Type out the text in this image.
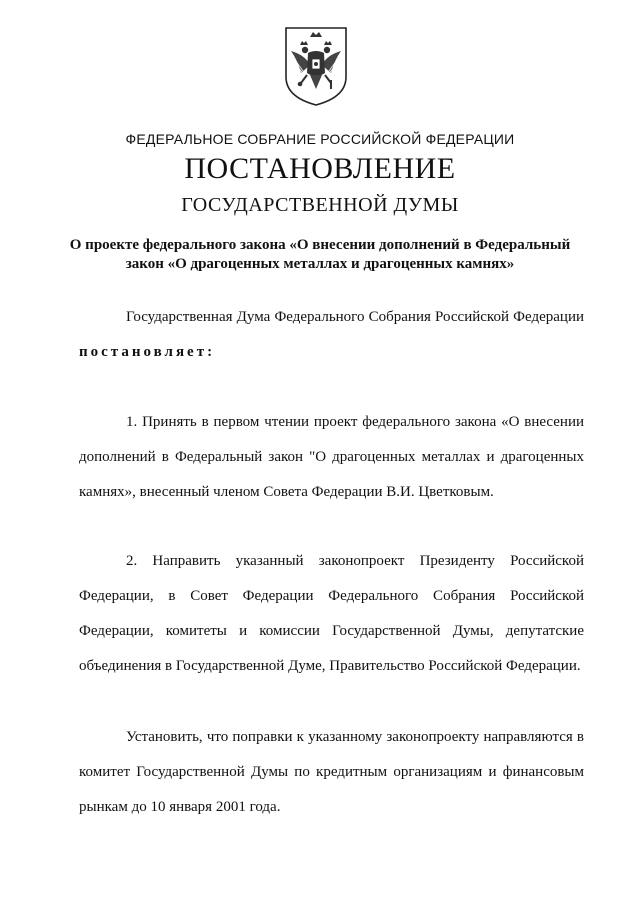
ФЕДЕРАЛЬНОЕ СОБРАНИЕ РОССИЙСКОЙ ФЕДЕРАЦИИ
ПОСТАНОВЛЕНИЕ
ГОСУДАРСТВЕННОЙ ДУМЫ
О проекте федерального закона «О внесении дополнений в Федеральный
закон «О драгоценных металлах и драгоценных камнях»

Государственная Дума Федерального Собрания Российской Федерации постановляет:

1. Принять в первом чтении проект федерального закона «О внесении дополнений в Федеральный закон "О драгоценных металлах и драгоценных камнях», внесенный членом Совета Федерации В.И. Цветковым.

2. Направить указанный законопроект Президенту Российской Федерации, в Совет Федерации Федерального Собрания Российской Федерации, комитеты и комиссии Государственной Думы, депутатские объединения в Государственной Думе, Правительство Российской Федерации.

Установить, что поправки к указанному законопроекту направляются в комитет Государственной Думы по кредитным организациям и финансовым рынкам до 10 января 2001 года.
